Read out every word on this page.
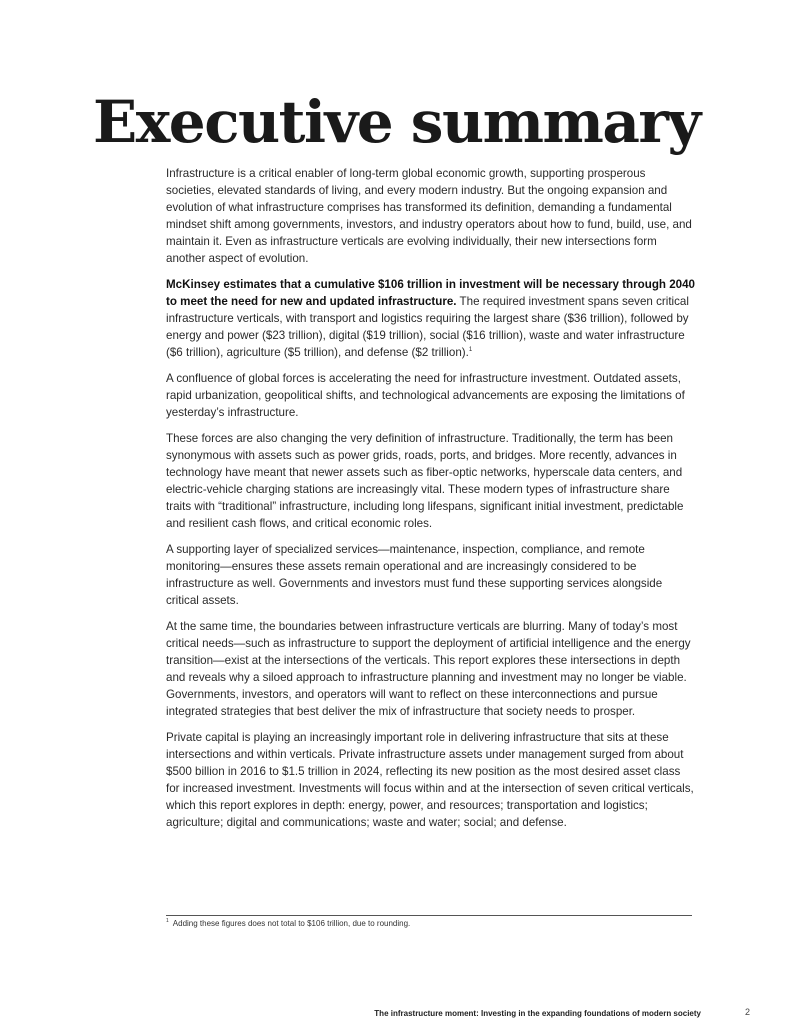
Executive summary

Infrastructure is a critical enabler of long-term global economic growth, supporting prosperous societies, elevated standards of living, and every modern industry. But the ongoing expansion and evolution of what infrastructure comprises has transformed its definition, demanding a fundamental mindset shift among governments, investors, and industry operators about how to fund, build, use, and maintain it. Even as infrastructure verticals are evolving individually, their new intersections form another aspect of evolution.

McKinsey estimates that a cumulative $106 trillion in investment will be necessary through 2040 to meet the need for new and updated infrastructure. The required investment spans seven critical infrastructure verticals, with transport and logistics requiring the largest share ($36 trillion), followed by energy and power ($23 trillion), digital ($19 trillion), social ($16 trillion), waste and water infrastructure ($6 trillion), agriculture ($5 trillion), and defense ($2 trillion).$^1$

A confluence of global forces is accelerating the need for infrastructure investment. Outdated assets, rapid urbanization, geopolitical shifts, and technological advancements are exposing the limitations of yesterday’s infrastructure.

These forces are also changing the very definition of infrastructure. Traditionally, the term has been synonymous with assets such as power grids, roads, ports, and bridges. More recently, advances in technology have meant that newer assets such as fiber-optic networks, hyperscale data centers, and electric-vehicle charging stations are increasingly vital. These modern types of infrastructure share traits with “traditional” infrastructure, including long lifespans, significant initial investment, predictable and resilient cash flows, and critical economic roles.

A supporting layer of specialized services—maintenance, inspection, compliance, and remote monitoring—ensures these assets remain operational and are increasingly considered to be infrastructure as well. Governments and investors must fund these supporting services alongside critical assets.

At the same time, the boundaries between infrastructure verticals are blurring. Many of today’s most critical needs—such as infrastructure to support the deployment of artificial intelligence and the energy transition—exist at the intersections of the verticals. This report explores these intersections in depth and reveals why a siloed approach to infrastructure planning and investment may no longer be viable. Governments, investors, and operators will want to reflect on these interconnections and pursue integrated strategies that best deliver the mix of infrastructure that society needs to prosper.

Private capital is playing an increasingly important role in delivering infrastructure that sits at these intersections and within verticals. Private infrastructure assets under management surged from about $500 billion in 2016 to $1.5 trillion in 2024, reflecting its new position as the most desired asset class for increased investment. Investments will focus within and at the intersection of seven critical verticals, which this report explores in depth: energy, power, and resources; transportation and logistics; agriculture; digital and communications; waste and water; social; and defense.

$^1$ Adding these figures does not total to $106 trillion, due to rounding.
The infrastructure moment: Investing in the expanding foundations of modern society	2
